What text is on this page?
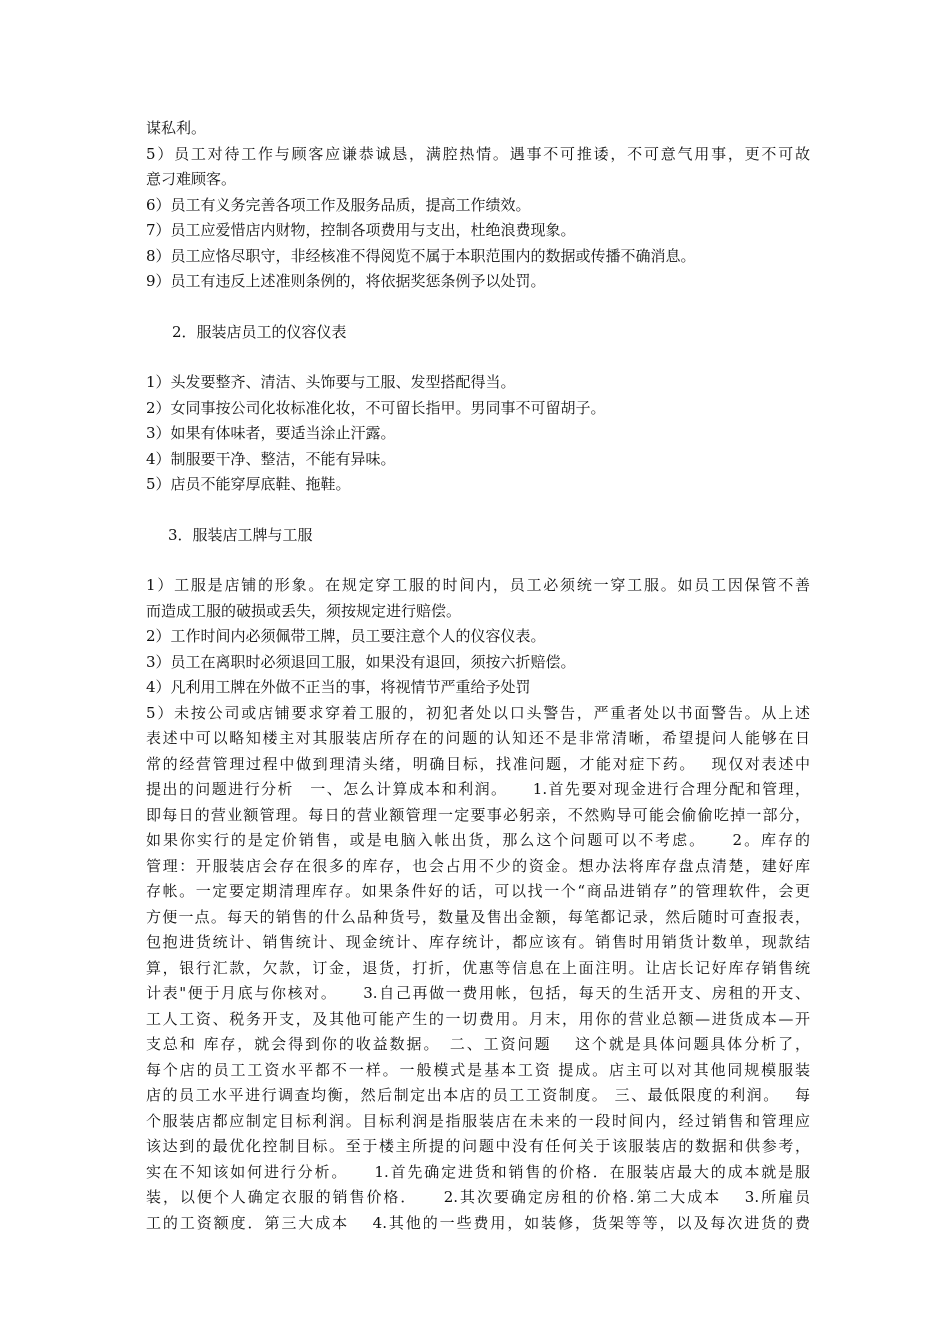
谋私利。
5）员工对待工作与顾客应谦恭诚恳，满腔热情。遇事不可推诿，不可意气用事，更不可故
意刁难顾客。
6）员工有义务完善各项工作及服务品质，提高工作绩效。
7）员工应爱惜店内财物，控制各项费用与支出，杜绝浪费现象。
8）员工应恪尽职守，非经核准不得阅览不属于本职范围内的数据或传播不确消息。
9）员工有违反上述准则条例的，将依据奖惩条例予以处罚。
2．服装店员工的仪容仪表
1）头发要整齐、清洁、头饰要与工服、发型搭配得当。
2）女同事按公司化妆标准化妆，不可留长指甲。男同事不可留胡子。
3）如果有体味者，要适当涂止汗露。
4）制服要干净、整洁，不能有异味。
5）店员不能穿厚底鞋、拖鞋。
3．服装店工牌与工服
1）工服是店铺的形象。在规定穿工服的时间内，员工必须统一穿工服。如员工因保管不善
而造成工服的破损或丢失，须按规定进行赔偿。
2）工作时间内必须佩带工牌，员工要注意个人的仪容仪表。
3）员工在离职时必须退回工服，如果没有退回，须按六折赔偿。
4）凡利用工牌在外做不正当的事，将视情节严重给予处罚
5）未按公司或店铺要求穿着工服的，初犯者处以口头警告，严重者处以书面警告。从上述
表述中可以略知楼主对其服装店所存在的问题的认知还不是非常清晰，希望提问人能够在日
常的经营管理过程中做到理清头绪，明确目标，找准问题，才能对症下药。　 现仅对表述中
提出的问题进行分析　一、怎么计算成本和利润。　　1.首先要对现金进行合理分配和管理，
即每日的营业额管理。每日的营业额管理一定要事必躬亲，不然购导可能会偷偷吃掉一部分，
如果你实行的是定价销售，或是电脑入帐出货，那么这个问题可以不考虑。　　2。库存的
管理：开服装店会存在很多的库存，也会占用不少的资金。想办法将库存盘点清楚，建好库
存帐。一定要定期清理库存。如果条件好的话，可以找一个“商品进销存”的管理软件，会更
方便一点。每天的销售的什么品种货号，数量及售出金额，每笔都记录，然后随时可查报表，
包抱进货统计、销售统计、现金统计、库存统计，都应该有。销售时用销货计数单，现款结
算，银行汇款，欠款，订金，退货，打折，优惠等信息在上面注明。让店长记好库存销售统
计表"便于月底与你核对。　　3.自己再做一费用帐，包括，每天的生活开支、房租的开支、
工人工资、税务开支，及其他可能产生的一切费用。月末，用你的营业总额—进货成本—开
支总和 库存，就会得到你的收益数据。　二、工资问题　 这个就是具体问题具体分析了，
每个店的员工工资水平都不一样。一般模式是基本工资 提成。店主可以对其他同规模服装
店的员工水平进行调查均衡，然后制定出本店的员工工资制度。 三、最低限度的利润。　 每
个服装店都应制定目标利润。目标利润是指服装店在未来的一段时间内，经过销售和管理应
该达到的最优化控制目标。至于楼主所提的问题中没有任何关于该服装店的数据和供参考，
实在不知该如何进行分析。　　1.首先确定进货和销售的价格．在服装店最大的成本就是服
装，以便个人确定衣服的销售价格．　　2.其次要确定房租的价格.第二大成本　 3.所雇员
工的工资额度．第三大成本　 4.其他的一些费用，如装修，货架等等，以及每次进货的费
